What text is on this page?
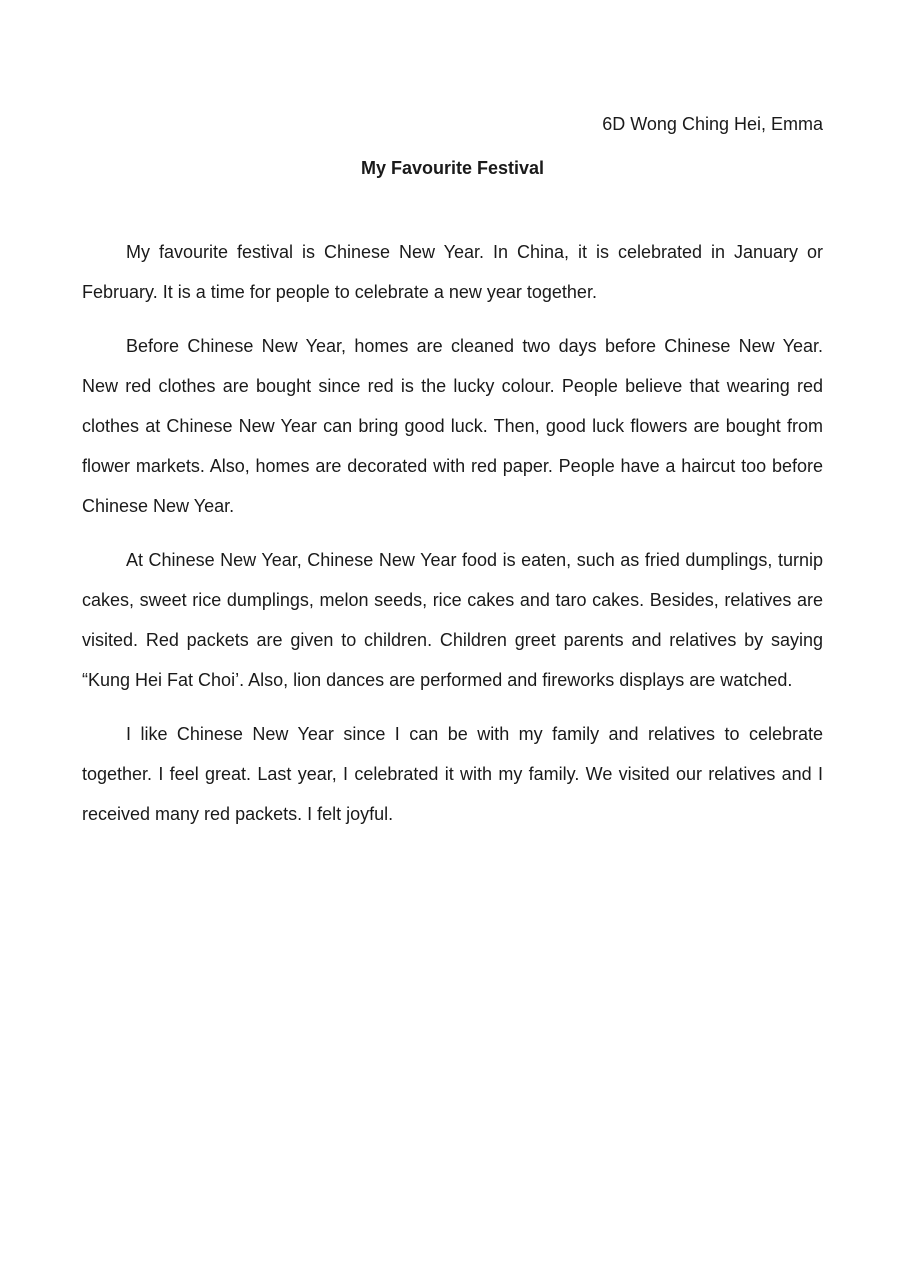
6D Wong Ching Hei, Emma
My Favourite Festival

My favourite festival is Chinese New Year. In China, it is celebrated in January or February. It is a time for people to celebrate a new year together.

Before Chinese New Year, homes are cleaned two days before Chinese New Year. New red clothes are bought since red is the lucky colour. People believe that wearing red clothes at Chinese New Year can bring good luck. Then, good luck flowers are bought from flower markets. Also, homes are decorated with red paper. People have a haircut too before Chinese New Year.

At Chinese New Year, Chinese New Year food is eaten, such as fried dumplings, turnip cakes, sweet rice dumplings, melon seeds, rice cakes and taro cakes. Besides, relatives are visited. Red packets are given to children. Children greet parents and relatives by saying “Kung Hei Fat Choi’. Also, lion dances are performed and fireworks displays are watched.

I like Chinese New Year since I can be with my family and relatives to celebrate together. I feel great. Last year, I celebrated it with my family. We visited our relatives and I received many red packets. I felt joyful.
